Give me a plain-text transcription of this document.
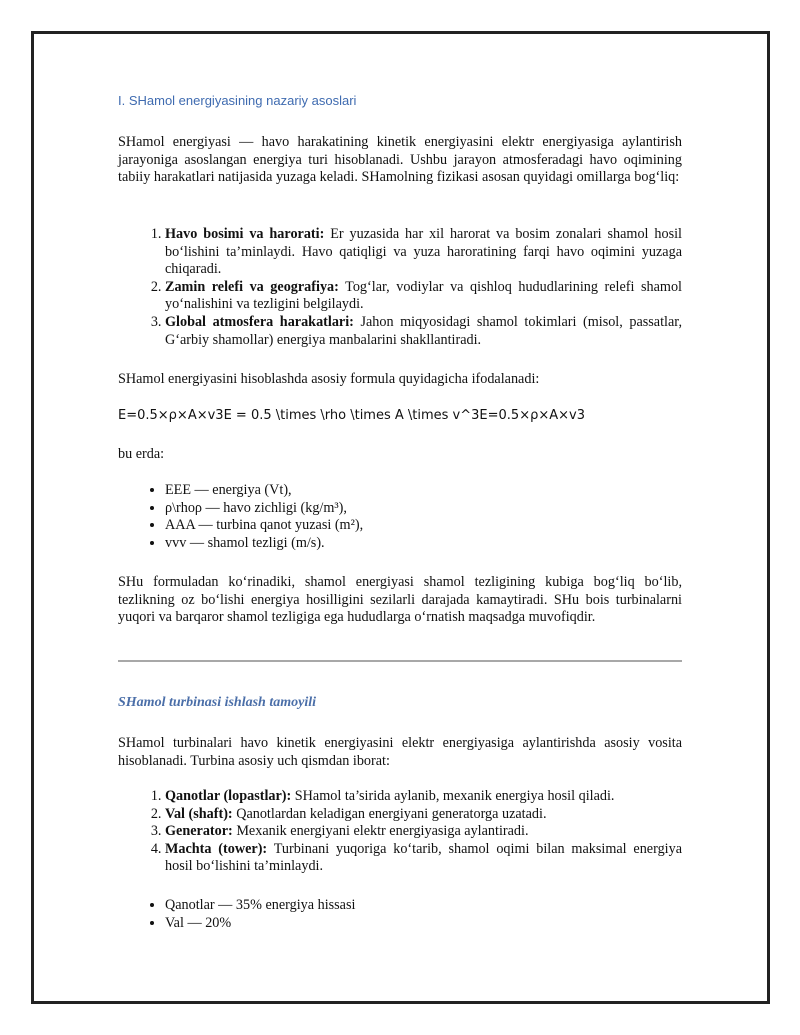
I. SHamol energiyasining nazariy asoslari

SHamol energiyasi — havo harakatining kinetik energiyasini elektr energiyasiga aylantirish jarayoniga asoslangan energiya turi hisoblanadi. Ushbu jarayon atmosferadagi havo oqimining tabiiy harakatlari natijasida yuzaga keladi. SHamolning fizikasi asosan quyidagi omillarga bog‘liq:

1. Havo bosimi va harorati: Er yuzasida har xil harorat va bosim zonalari shamol hosil bo‘lishini ta’minlaydi. Havo qatiqligi va yuza haroratining farqi havo oqimini yuzaga chiqaradi.
2. Zamin relefi va geografiya: Tog‘lar, vodiylar va qishloq hududlarining relefi shamol yo‘nalishini va tezligini belgilaydi.
3. Global atmosfera harakatlari: Jahon miqyosidagi shamol tokimlari (misol, passatlar, G‘arbiy shamollar) energiya manbalarini shakllantiradi.

SHamol energiyasini hisoblashda asosiy formula quyidagicha ifodalanadi:

E=0.5×ρ×A×v3E = 0.5 \times \rho \times A \times v^3E=0.5×ρ×A×v3

bu erda:

• EEE — energiya (Vt),
• ρ\rhoρ — havo zichligi (kg/m³),
• AAA — turbina qanot yuzasi (m²),
• vvv — shamol tezligi (m/s).

SHu formuladan ko‘rinadiki, shamol energiyasi shamol tezligining kubiga bog‘liq bo‘lib, tezlikning oz bo‘lishi energiya hosilligini sezilarli darajada kamaytiradi. SHu bois turbinalarni yuqori va barqaror shamol tezligiga ega hududlarga o‘rnatish maqsadga muvofiqdir.

SHamol turbinasi ishlash tamoyili

SHamol turbinalari havo kinetik energiyasini elektr energiyasiga aylantirishda asosiy vosita hisoblanadi. Turbina asosiy uch qismdan iborat:

1. Qanotlar (lopastlar): SHamol ta’sirida aylanib, mexanik energiya hosil qiladi.
2. Val (shaft): Qanotlardan keladigan energiyani generatorga uzatadi.
3. Generator: Mexanik energiyani elektr energiyasiga aylantiradi.
4. Machta (tower): Turbinani yuqoriga ko‘tarib, shamol oqimi bilan maksimal energiya hosil bo‘lishini ta’minlaydi.
• Qanotlar — 35% energiya hissasi
• Val — 20%
